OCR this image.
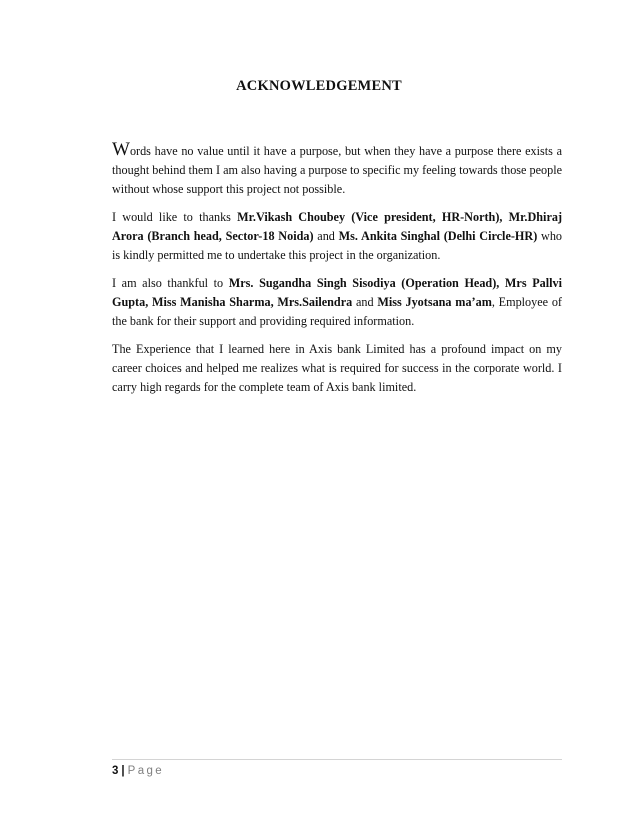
ACKNOWLEDGEMENT

Words have no value until it have a purpose, but when they have a purpose there exists a thought behind them I am also having a purpose to specific my feeling towards those people without whose support this project not possible.

I would like to thanks Mr.Vikash Choubey (Vice president, HR-North), Mr.Dhiraj Arora (Branch head, Sector-18 Noida) and Ms. Ankita Singhal (Delhi Circle-HR) who is kindly permitted me to undertake this project in the organization.

I am also thankful to Mrs. Sugandha Singh Sisodiya (Operation Head), Mrs Pallvi Gupta, Miss Manisha Sharma, Mrs.Sailendra and Miss Jyotsana ma’am, Employee of the bank for their support and providing required information.

The Experience that I learned here in Axis bank Limited has a profound impact on my career choices and helped me realizes what is required for success in the corporate world. I carry high regards for the complete team of Axis bank limited.

3 | Page
